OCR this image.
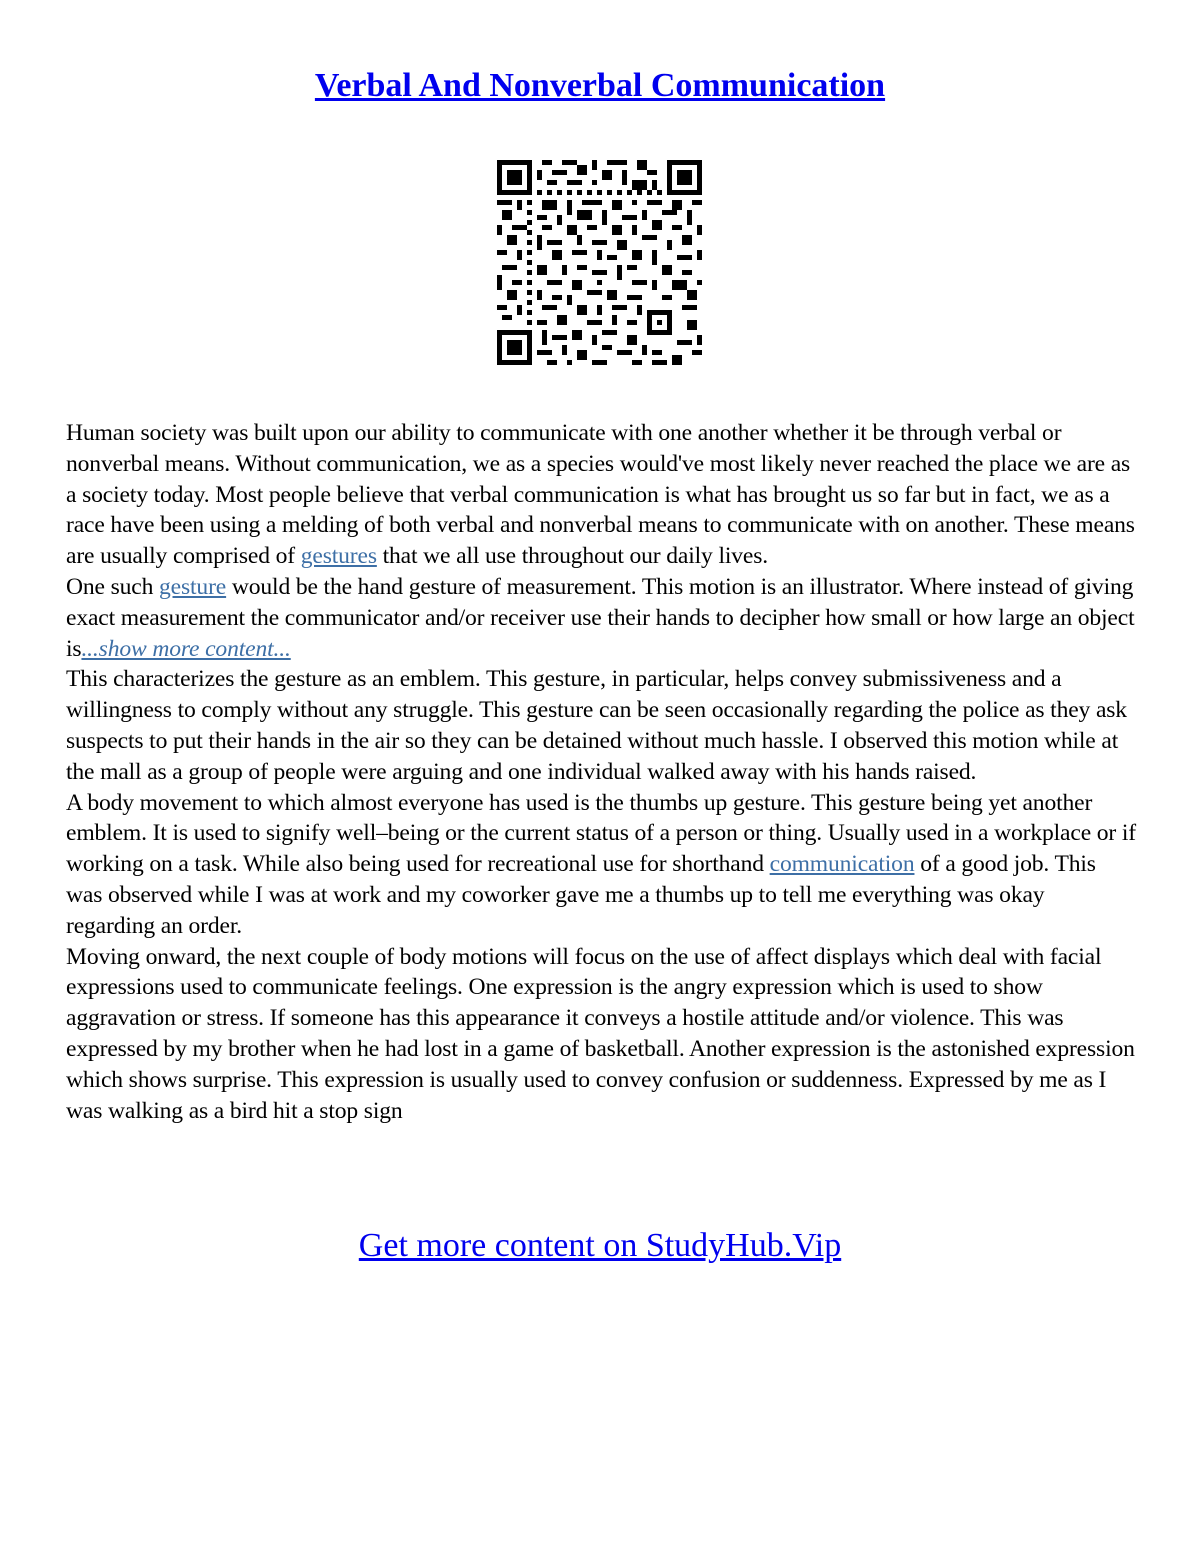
Verbal And Nonverbal Communication

Human society was built upon our ability to communicate with one another whether it be through verbal or nonverbal means. Without communication, we as a species would've most likely never reached the place we are as a society today. Most people believe that verbal communication is what has brought us so far but in fact, we as a race have been using a melding of both verbal and nonverbal means to communicate with on another. These means are usually comprised of gestures that we all use throughout our daily lives.

One such gesture would be the hand gesture of measurement. This motion is an illustrator. Where instead of giving exact measurement the communicator and/or receiver use their hands to decipher how small or how large an object is...show more content...

This characterizes the gesture as an emblem. This gesture, in particular, helps convey submissiveness and a willingness to comply without any struggle. This gesture can be seen occasionally regarding the police as they ask suspects to put their hands in the air so they can be detained without much hassle. I observed this motion while at the mall as a group of people were arguing and one individual walked away with his hands raised.

A body movement to which almost everyone has used is the thumbs up gesture. This gesture being yet another emblem. It is used to signify well–being or the current status of a person or thing. Usually used in a workplace or if working on a task. While also being used for recreational use for shorthand communication of a good job. This was observed while I was at work and my coworker gave me a thumbs up to tell me everything was okay regarding an order.

Moving onward, the next couple of body motions will focus on the use of affect displays which deal with facial expressions used to communicate feelings. One expression is the angry expression which is used to show aggravation or stress. If someone has this appearance it conveys a hostile attitude and/or violence. This was expressed by my brother when he had lost in a game of basketball. Another expression is the astonished expression which shows surprise. This expression is usually used to convey confusion or suddenness. Expressed by me as I was walking as a bird hit a stop sign

Get more content on StudyHub.Vip
